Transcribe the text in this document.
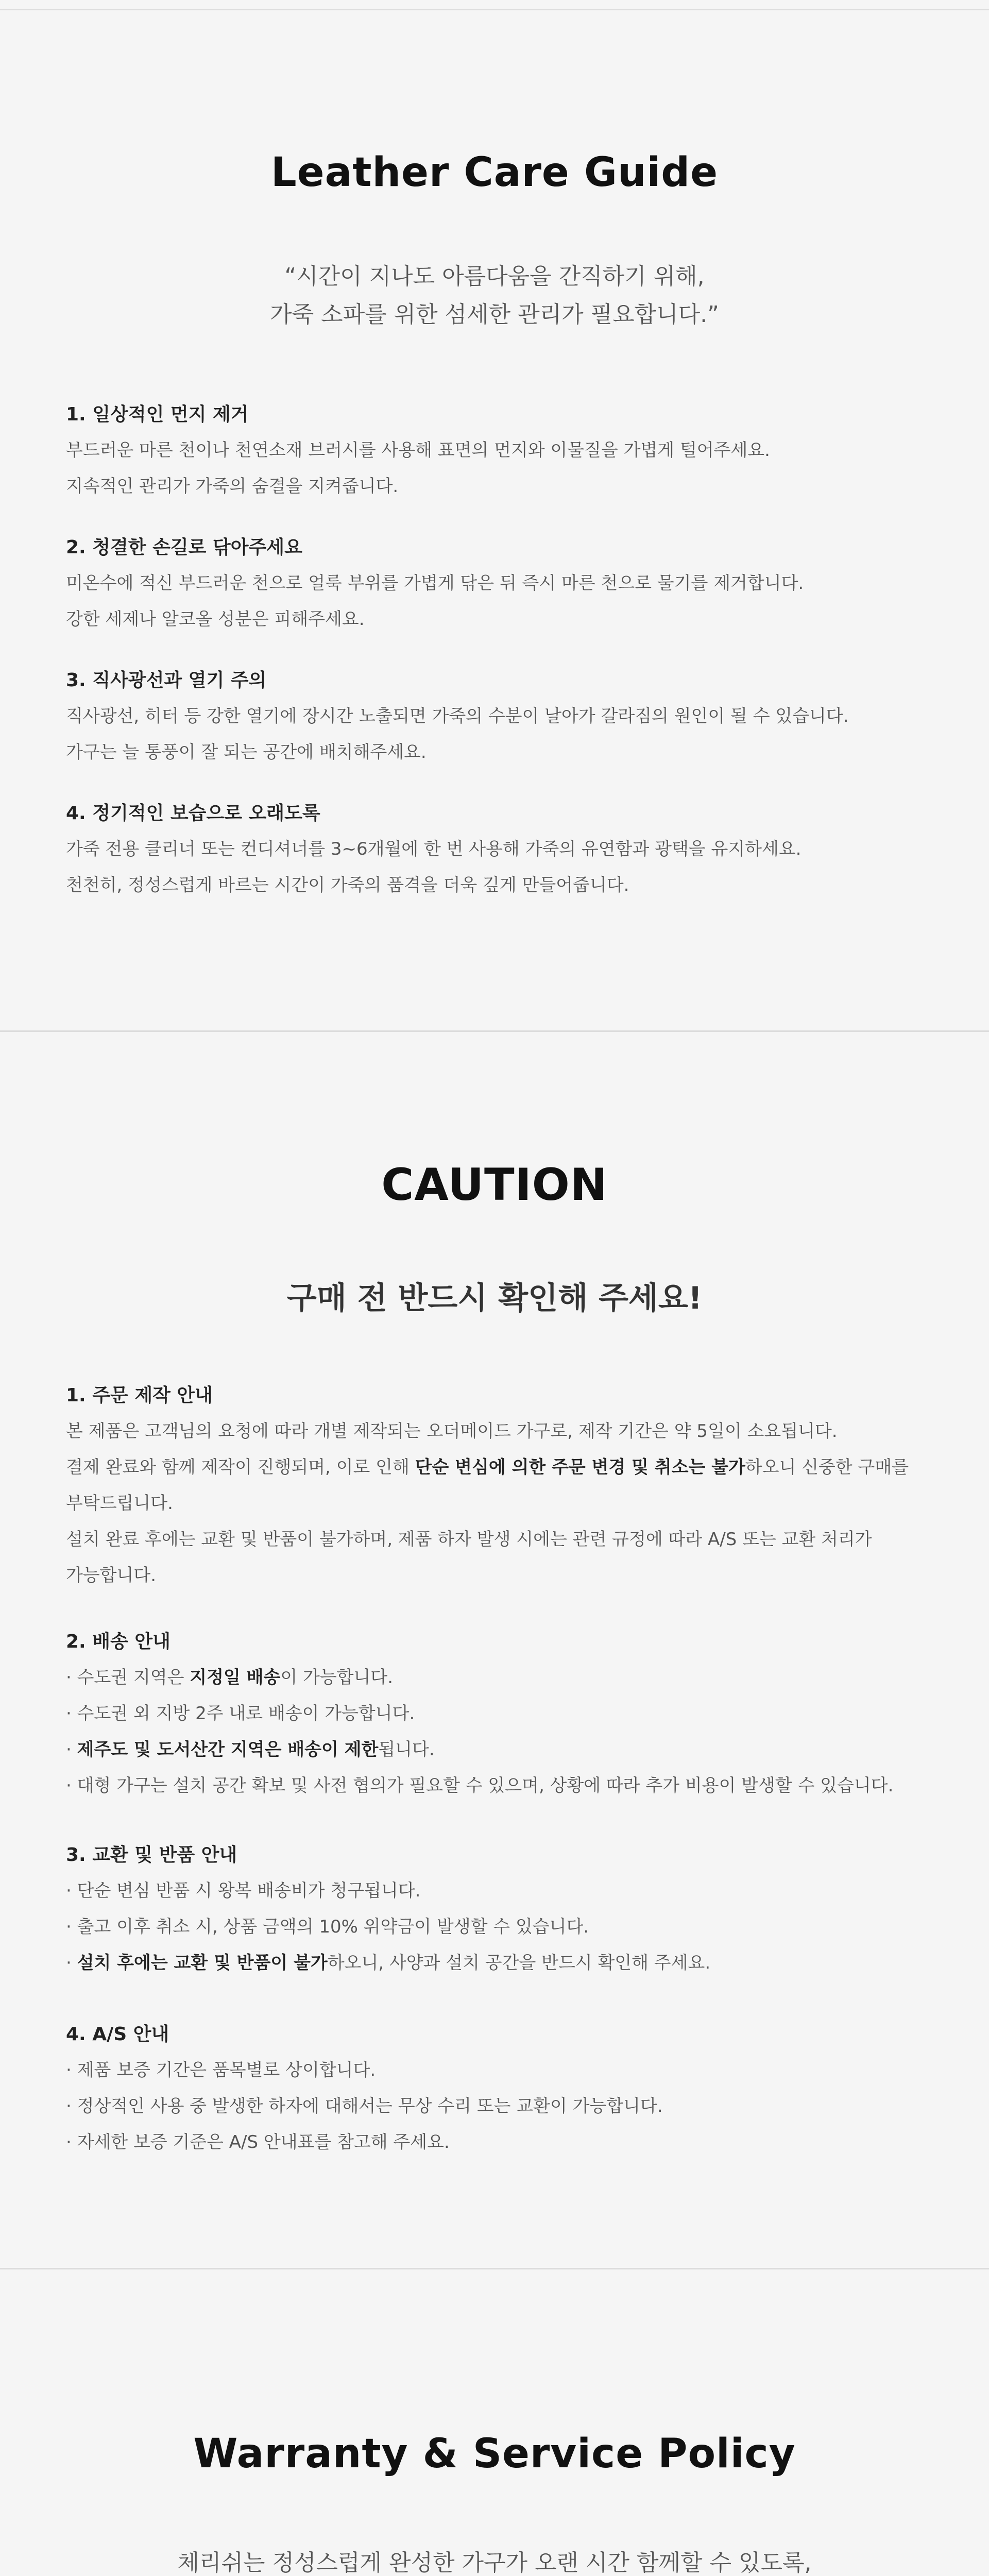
Leather Care Guide
“시간이 지나도 아름다움을 간직하기 위해,
가죽 소파를 위한 섬세한 관리가 필요합니다.”
1. 일상적인 먼지 제거
부드러운 마른 천이나 천연소재 브러시를 사용해 표면의 먼지와 이물질을 가볍게 털어주세요.
지속적인 관리가 가죽의 숨결을 지켜줍니다.
2. 청결한 손길로 닦아주세요
미온수에 적신 부드러운 천으로 얼룩 부위를 가볍게 닦은 뒤 즉시 마른 천으로 물기를 제거합니다.
강한 세제나 알코올 성분은 피해주세요.
3. 직사광선과 열기 주의
직사광선, 히터 등 강한 열기에 장시간 노출되면 가죽의 수분이 날아가 갈라짐의 원인이 될 수 있습니다.
가구는 늘 통풍이 잘 되는 공간에 배치해주세요.
4. 정기적인 보습으로 오래도록
가죽 전용 클리너 또는 컨디셔너를 3~6개월에 한 번 사용해 가죽의 유연함과 광택을 유지하세요.
천천히, 정성스럽게 바르는 시간이 가죽의 품격을 더욱 깊게 만들어줍니다.
CAUTION
구매 전 반드시 확인해 주세요!
1. 주문 제작 안내
본 제품은 고객님의 요청에 따라 개별 제작되는 오더메이드 가구로, 제작 기간은 약 5일이 소요됩니다.
결제 완료와 함께 제작이 진행되며, 이로 인해 단순 변심에 의한 주문 변경 및 취소는 불가하오니 신중한 구매를
부탁드립니다.
설치 완료 후에는 교환 및 반품이 불가하며, 제품 하자 발생 시에는 관련 규정에 따라 A/S 또는 교환 처리가
가능합니다.
2. 배송 안내
· 수도권 지역은 지정일 배송이 가능합니다.
· 수도권 외 지방 2주 내로 배송이 가능합니다.
· 제주도 및 도서산간 지역은 배송이 제한됩니다.
· 대형 가구는 설치 공간 확보 및 사전 협의가 필요할 수 있으며, 상황에 따라 추가 비용이 발생할 수 있습니다.
3. 교환 및 반품 안내
· 단순 변심 반품 시 왕복 배송비가 청구됩니다.
· 출고 이후 취소 시, 상품 금액의 10% 위약금이 발생할 수 있습니다.
· 설치 후에는 교환 및 반품이 불가하오니, 사양과 설치 공간을 반드시 확인해 주세요.
4. A/S 안내
· 제품 보증 기간은 품목별로 상이합니다.
· 정상적인 사용 중 발생한 하자에 대해서는 무상 수리 또는 교환이 가능합니다.
· 자세한 보증 기준은 A/S 안내표를 참고해 주세요.
Warranty & Service Policy
체리쉬는 정성스럽게 완성한 가구가 오랜 시간 함께할 수 있도록,
